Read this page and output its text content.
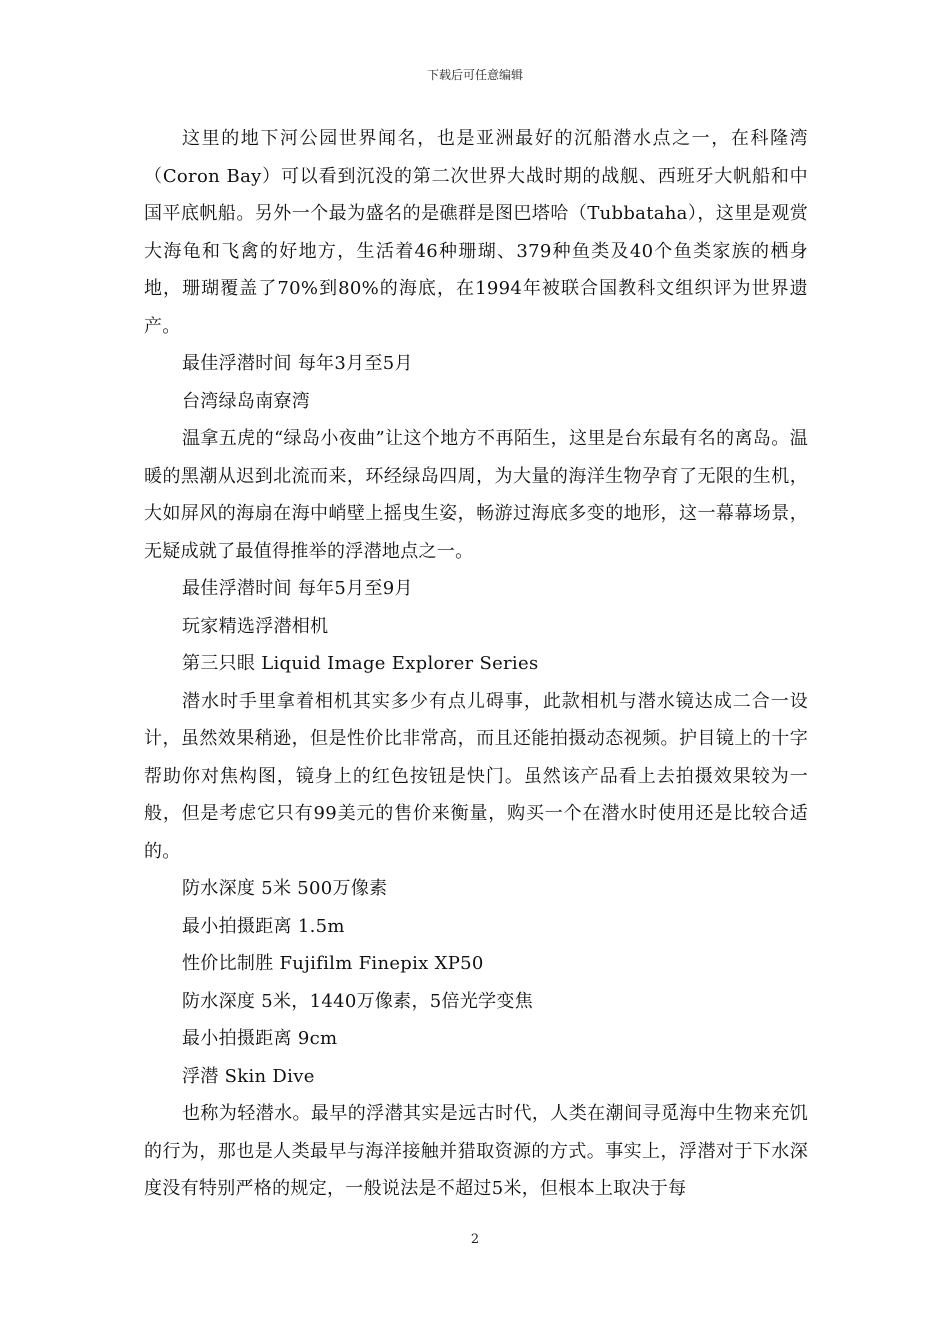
下载后可任意编辑

这里的地下河公园世界闻名，也是亚洲最好的沉船潜水点之一，在科隆湾（Coron Bay）可以看到沉没的第二次世界大战时期的战舰、西班牙大帆船和中国平底帆船。另外一个最为盛名的是礁群是图巴塔哈（Tubbataha），这里是观赏大海龟和飞禽的好地方，生活着46种珊瑚、379种鱼类及40个鱼类家族的栖身地，珊瑚覆盖了70%到80%的海底，在1994年被联合国教科文组织评为世界遗产。

最佳浮潜时间 每年3月至5月

台湾绿岛南寮湾

温拿五虎的“绿岛小夜曲”让这个地方不再陌生，这里是台东最有名的离岛。温暖的黑潮从迟到北流而来，环经绿岛四周，为大量的海洋生物孕育了无限的生机，大如屏风的海扇在海中峭壁上摇曳生姿，畅游过海底多变的地形，这一幕幕场景，无疑成就了最值得推举的浮潜地点之一。

最佳浮潜时间 每年5月至9月

玩家精选浮潜相机

第三只眼 Liquid Image Explorer Series

潜水时手里拿着相机其实多少有点儿碍事，此款相机与潜水镜达成二合一设计，虽然效果稍逊，但是性价比非常高，而且还能拍摄动态视频。护目镜上的十字帮助你对焦构图，镜身上的红色按钮是快门。虽然该产品看上去拍摄效果较为一般，但是考虑它只有99美元的售价来衡量，购买一个在潜水时使用还是比较合适的。

防水深度 5米 500万像素

最小拍摄距离 1.5m

性价比制胜 Fujifilm Finepix XP50

防水深度 5米，1440万像素，5倍光学变焦

最小拍摄距离 9cm

浮潜 Skin Dive

也称为轻潜水。最早的浮潜其实是远古时代，人类在潮间寻觅海中生物来充饥的行为，那也是人类最早与海洋接触并猎取资源的方式。事实上，浮潜对于下水深度没有特别严格的规定，一般说法是不超过5米，但根本上取决于每

2
